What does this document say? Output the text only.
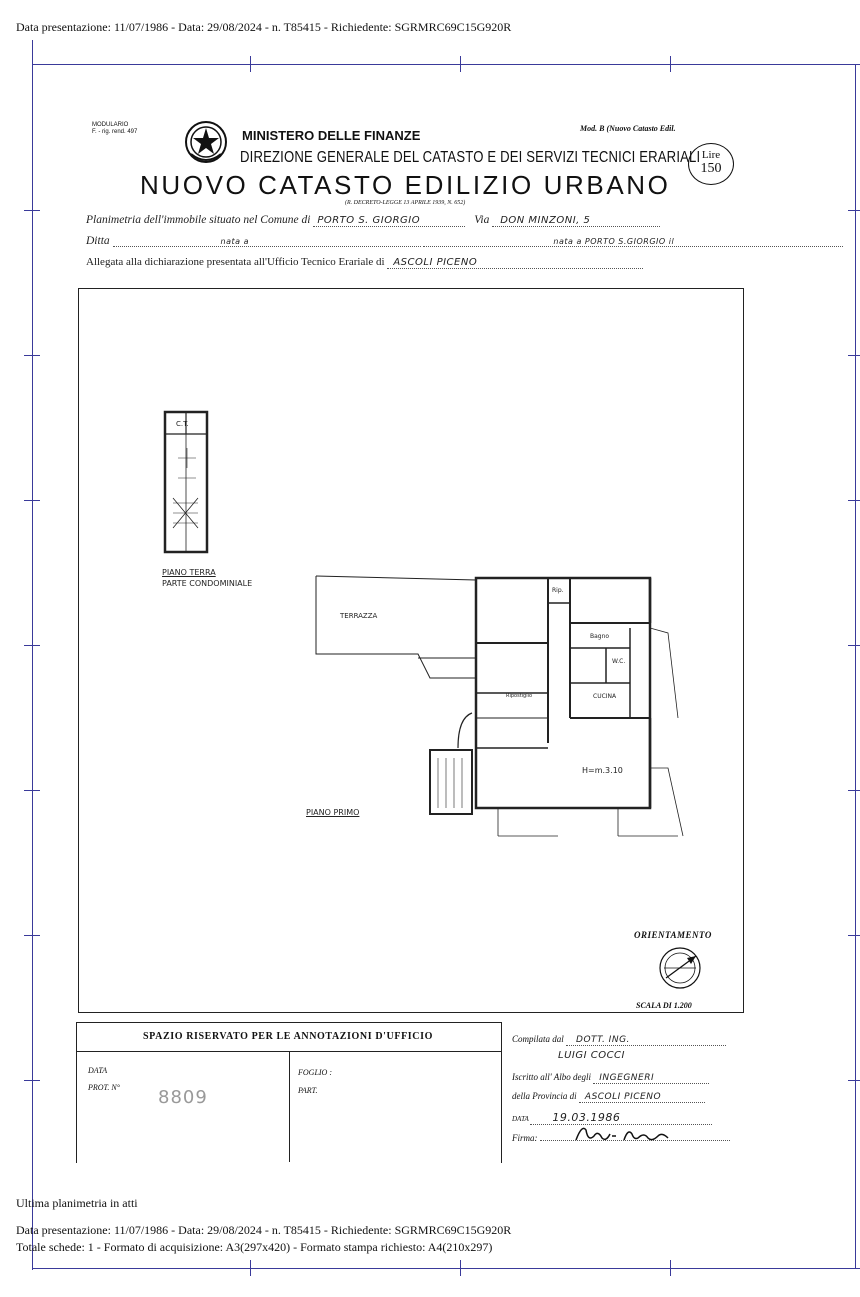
Data presentazione: 11/07/1986 - Data: 29/08/2024 - n. T85415 - Richiedente: SGRMRC69C15G920R
MODULARIO
F. - rig. rend. 497	MINISTERO DELLE FINANZE
DIREZIONE GENERALE DEL CATASTO E DEI SERVIZI TECNICI ERARIALI
NUOVO CATASTO EDILIZIO URBANO
(R. DECRETO-LEGGE 13 APRILE 1939, N. 652)
Mod. B (Nuovo Catasto Edil.
Lire
150
Planimetria dell'immobile situato nel Comune di PORTO S. GIORGIO	Via DON MINZONI, 5
Ditta	nata a	nata a PORTO S.GIORGIO il
Allegata alla dichiarazione presentata all'Ufficio Tecnico Erariale di ASCOLI PICENO
C.T.
PIANO TERRA
PARTE CONDOMINIALE
TERRAZZA
Rip.
Bagno
W.C.
CUCINA
Ripostiglio
H=m.3.10
PIANO PRIMO
ORIENTAMENTO
SCALA DI 1.200
SPAZIO RISERVATO PER LE ANNOTAZIONI D'UFFICIO
DATA
PROT. N° 8809
FOGLIO :
PART.
Compilata dal DOTT. ING.
LUIGI COCCI
Iscritto all' Albo degli INGEGNERI
della Provincia di ASCOLI PICENO
DATA 19.03.1986
Firma:
Ultima planimetria in atti
Data presentazione: 11/07/1986 - Data: 29/08/2024 - n. T85415 - Richiedente: SGRMRC69C15G920R
Totale schede: 1 - Formato di acquisizione: A3(297x420) - Formato stampa richiesto: A4(210x297)
